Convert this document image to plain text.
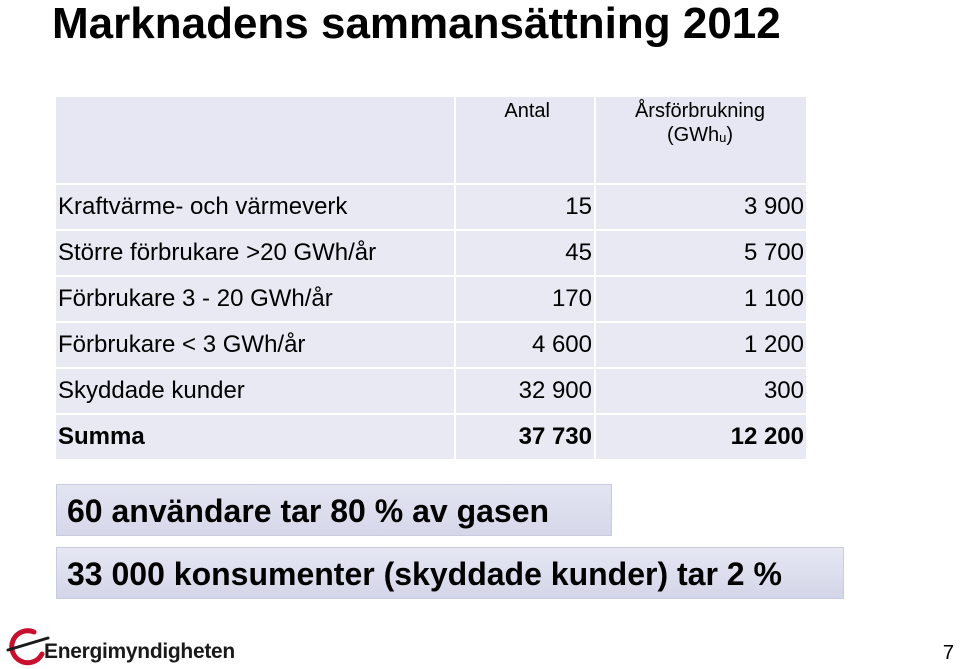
Marknadens sammansättning 2012
	Antal	Årsförbrukning
(GWh$_u$)
Kraftvärme- och värmeverk	15	3 900
Större förbrukare >20 GWh/år	45	5 700
Förbrukare 3 - 20 GWh/år	170	1 100
Förbrukare < 3 GWh/år	4 600	1 200
Skyddade kunder	32 900	300
Summa	37 730	12 200
60 användare tar 80 % av gasen
33 000 konsumenter (skyddade kunder) tar 2 %
Energimyndigheten	7
